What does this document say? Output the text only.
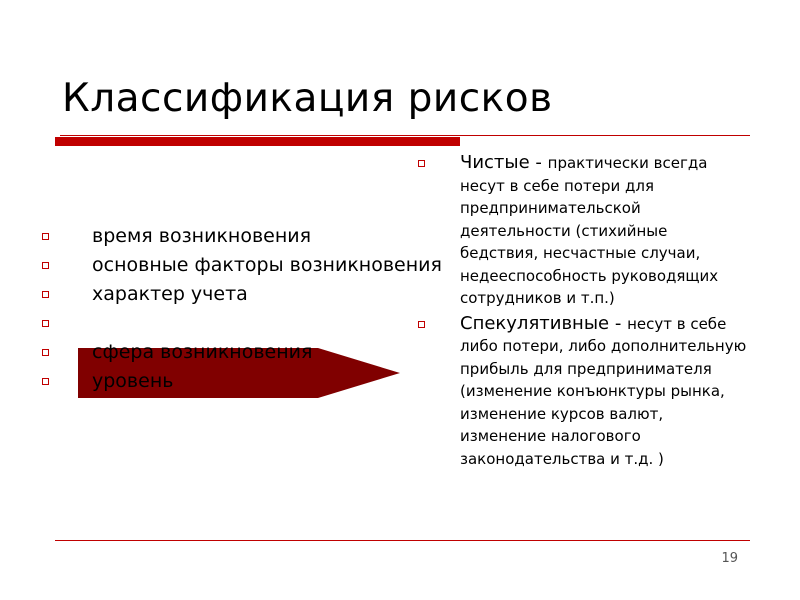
Классификация рисков
время возникновения
основные факторы возникновения
характер учета
характер последствий
сфера возникновения
уровень
Чистые - практически всегда несут в себе потери для предпринимательской деятельности (стихийные бедствия, несчастные случаи, недееспособность руководящих сотрудников и т.п.)
Спекулятивные - несут в себе либо потери, либо дополнительную прибыль для предпринимателя (изменение конъюнктуры рынка, изменение курсов валют, изменение налогового законодательства и т.д. )
19
